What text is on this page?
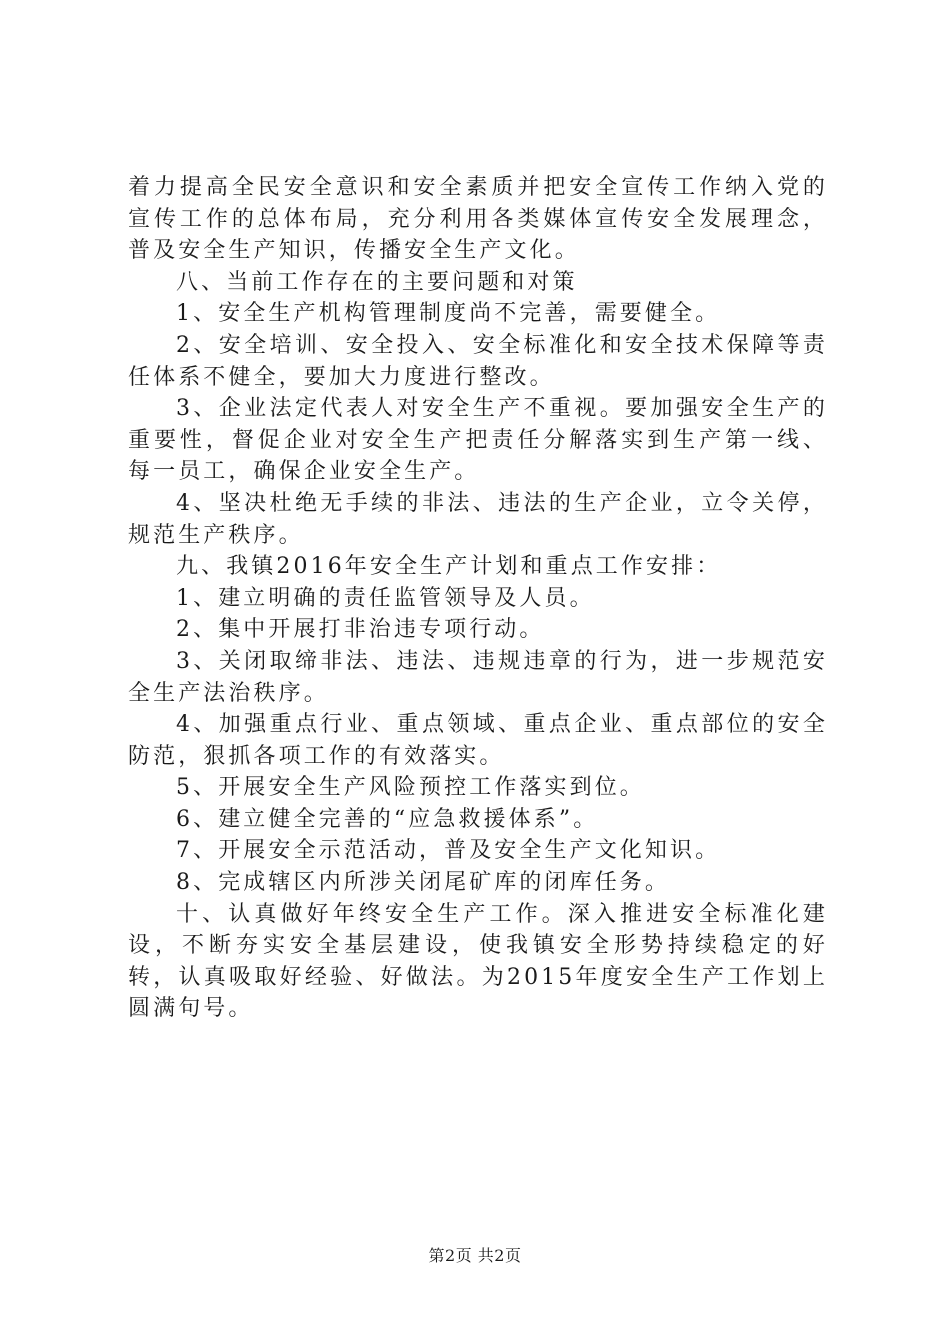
着力提高全民安全意识和安全素质并把安全宣传工作纳入党的宣传工作的总体布局，充分利用各类媒体宣传安全发展理念，普及安全生产知识，传播安全生产文化。

八、当前工作存在的主要问题和对策

1、安全生产机构管理制度尚不完善，需要健全。

2、安全培训、安全投入、安全标准化和安全技术保障等责任体系不健全，要加大力度进行整改。

3、企业法定代表人对安全生产不重视。要加强安全生产的重要性，督促企业对安全生产把责任分解落实到生产第一线、每一员工，确保企业安全生产。

4、坚决杜绝无手续的非法、违法的生产企业，立令关停，规范生产秩序。

九、我镇2016年安全生产计划和重点工作安排：

1、建立明确的责任监管领导及人员。

2、集中开展打非治违专项行动。

3、关闭取缔非法、违法、违规违章的行为，进一步规范安全生产法治秩序。

4、加强重点行业、重点领域、重点企业、重点部位的安全防范，狠抓各项工作的有效落实。

5、开展安全生产风险预控工作落实到位。

6、建立健全完善的“应急救援体系”。

7、开展安全示范活动，普及安全生产文化知识。

8、完成辖区内所涉关闭尾矿库的闭库任务。

十、认真做好年终安全生产工作。深入推进安全标准化建设，不断夯实安全基层建设，使我镇安全形势持续稳定的好转，认真吸取好经验、好做法。为2015年度安全生产工作划上圆满句号。

第2页 共2页
